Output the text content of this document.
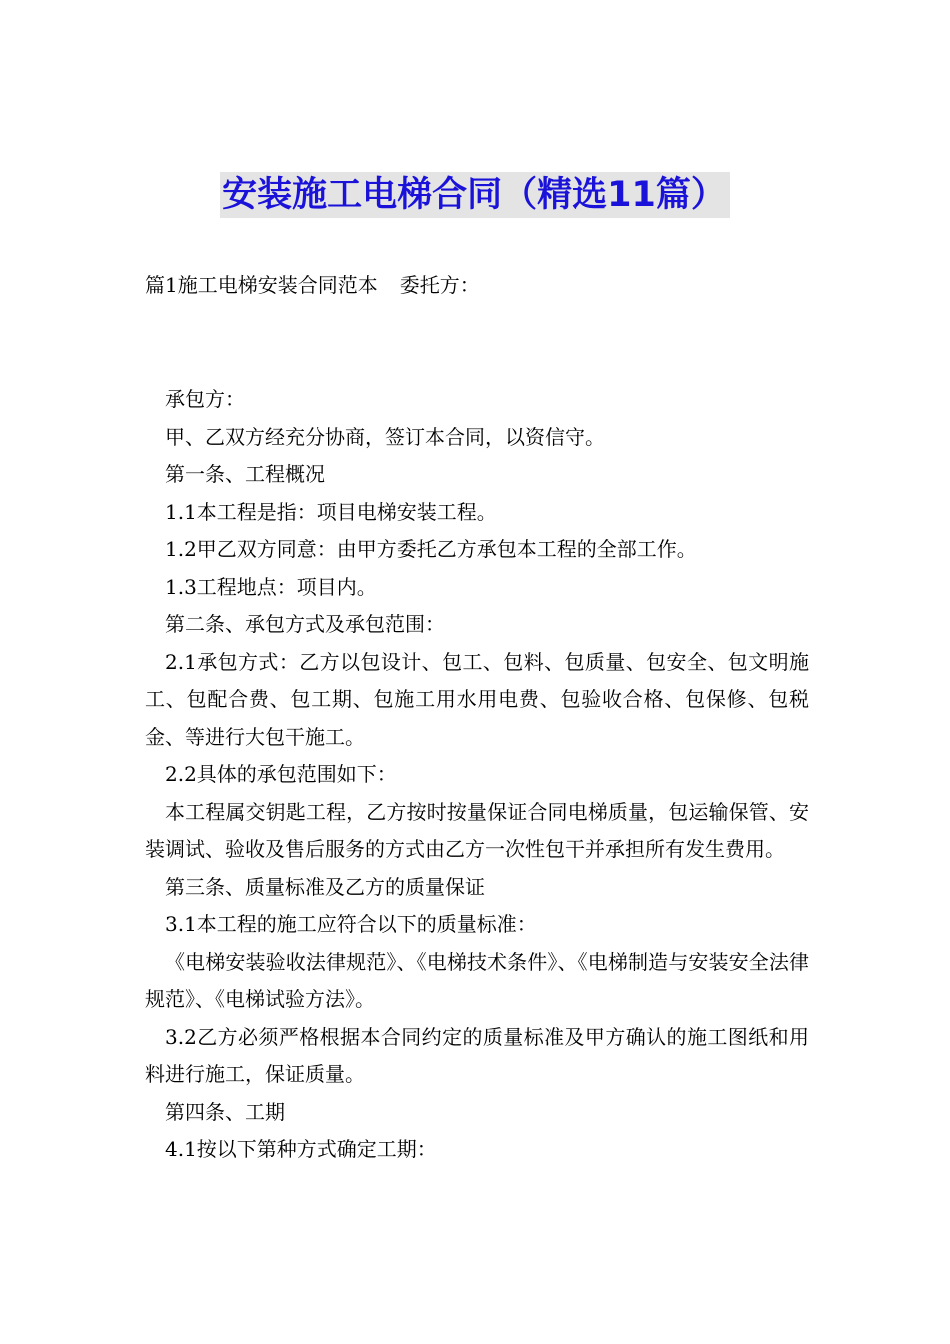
安装施工电梯合同（精选11篇）
篇1施工电梯安装合同范本 委托方：

承包方：

甲、乙双方经充分协商，签订本合同，以资信守。

第一条、工程概况

1.1本工程是指：项目电梯安装工程。

1.2甲乙双方同意：由甲方委托乙方承包本工程的全部工作。

1.3工程地点：项目内。

第二条、承包方式及承包范围：

2.1承包方式：乙方以包设计、包工、包料、包质量、包安全、包文明施工、包配合费、包工期、包施工用水用电费、包验收合格、包保修、包税金、等进行大包干施工。

2.2具体的承包范围如下：

本工程属交钥匙工程，乙方按时按量保证合同电梯质量，包运输保管、安装调试、验收及售后服务的方式由乙方一次性包干并承担所有发生费用。

第三条、质量标准及乙方的质量保证

3.1本工程的施工应符合以下的质量标准：

《电梯安装验收法律规范》、《电梯技术条件》、《电梯制造与安装安全法律规范》、《电梯试验方法》。

3.2乙方必须严格根据本合同约定的质量标准及甲方确认的施工图纸和用料进行施工，保证质量。

第四条、工期

4.1按以下第种方式确定工期：
